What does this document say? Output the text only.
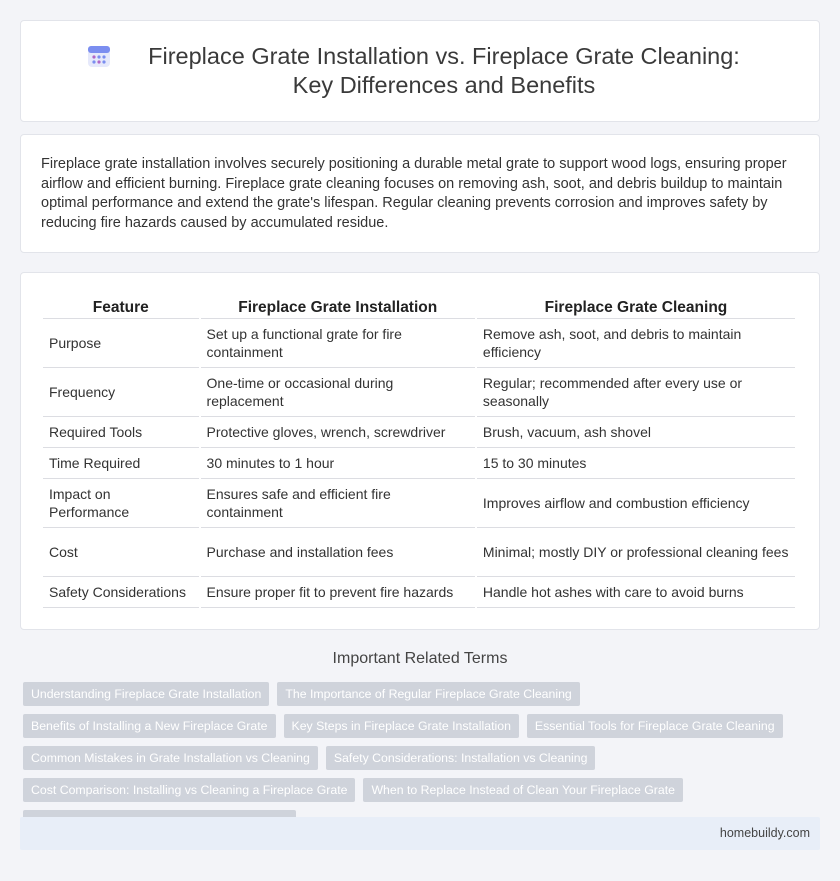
Fireplace Grate Installation vs. Fireplace Grate Cleaning: Key Differences and Benefits

Fireplace grate installation involves securely positioning a durable metal grate to support wood logs, ensuring proper airflow and efficient burning. Fireplace grate cleaning focuses on removing ash, soot, and debris buildup to maintain optimal performance and extend the grate's lifespan. Regular cleaning prevents corrosion and improves safety by reducing fire hazards caused by accumulated residue.

Feature	Fireplace Grate Installation	Fireplace Grate Cleaning
Purpose	Set up a functional grate for fire containment	Remove ash, soot, and debris to maintain efficiency
Frequency	One-time or occasional during replacement	Regular; recommended after every use or seasonally
Required Tools	Protective gloves, wrench, screwdriver	Brush, vacuum, ash shovel
Time Required	30 minutes to 1 hour	15 to 30 minutes
Impact on Performance	Ensures safe and efficient fire containment	Improves airflow and combustion efficiency
Cost	Purchase and installation fees	Minimal; mostly DIY or professional cleaning fees
Safety Considerations	Ensure proper fit to prevent fire hazards	Handle hot ashes with care to avoid burns
Important Related Terms
Understanding Fireplace Grate Installation	The Importance of Regular Fireplace Grate Cleaning
Benefits of Installing a New Fireplace Grate	Key Steps in Fireplace Grate Installation	Essential Tools for Fireplace Grate Cleaning
Common Mistakes in Grate Installation vs Cleaning	Safety Considerations: Installation vs Cleaning
Cost Comparison: Installing vs Cleaning a Fireplace Grate	When to Replace Instead of Clean Your Fireplace Grate
homebuildy.com
